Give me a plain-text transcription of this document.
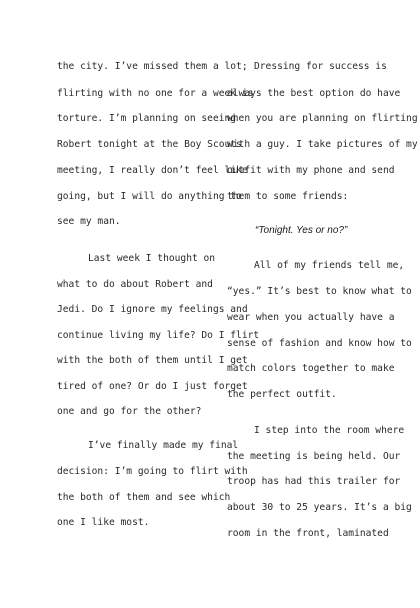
the city. I’ve missed them a lot;
flirting with no one for a week is
torture. I’m planning on seeing
Robert tonight at the Boy Scouts
meeting, I really don’t feel like
going, but I will do anything to
see my man.
Last week I thought on
what to do about Robert and
Jedi. Do I ignore my feelings and
continue living my life? Do I flirt
with the both of them until I get
tired of one? Or do I just forget
one and go for the other?
I’ve finally made my final
decision: I’m going to flirt with
the both of them and see which
one I like most.
Dressing for success is
always the best option do have
when you are planning on flirting
with a guy. I take pictures of my
outfit with my phone and send
them to some friends:
“Tonight. Yes or no?”
All of my friends tell me,
“yes.” It’s best to know what to
wear when you actually have a
sense of fashion and know how to
match colors together to make
the perfect outfit.
I step into the room where
the meeting is being held. Our
troop has had this trailer for
about 30 to 25 years. It’s a big
room in the front, laminated
